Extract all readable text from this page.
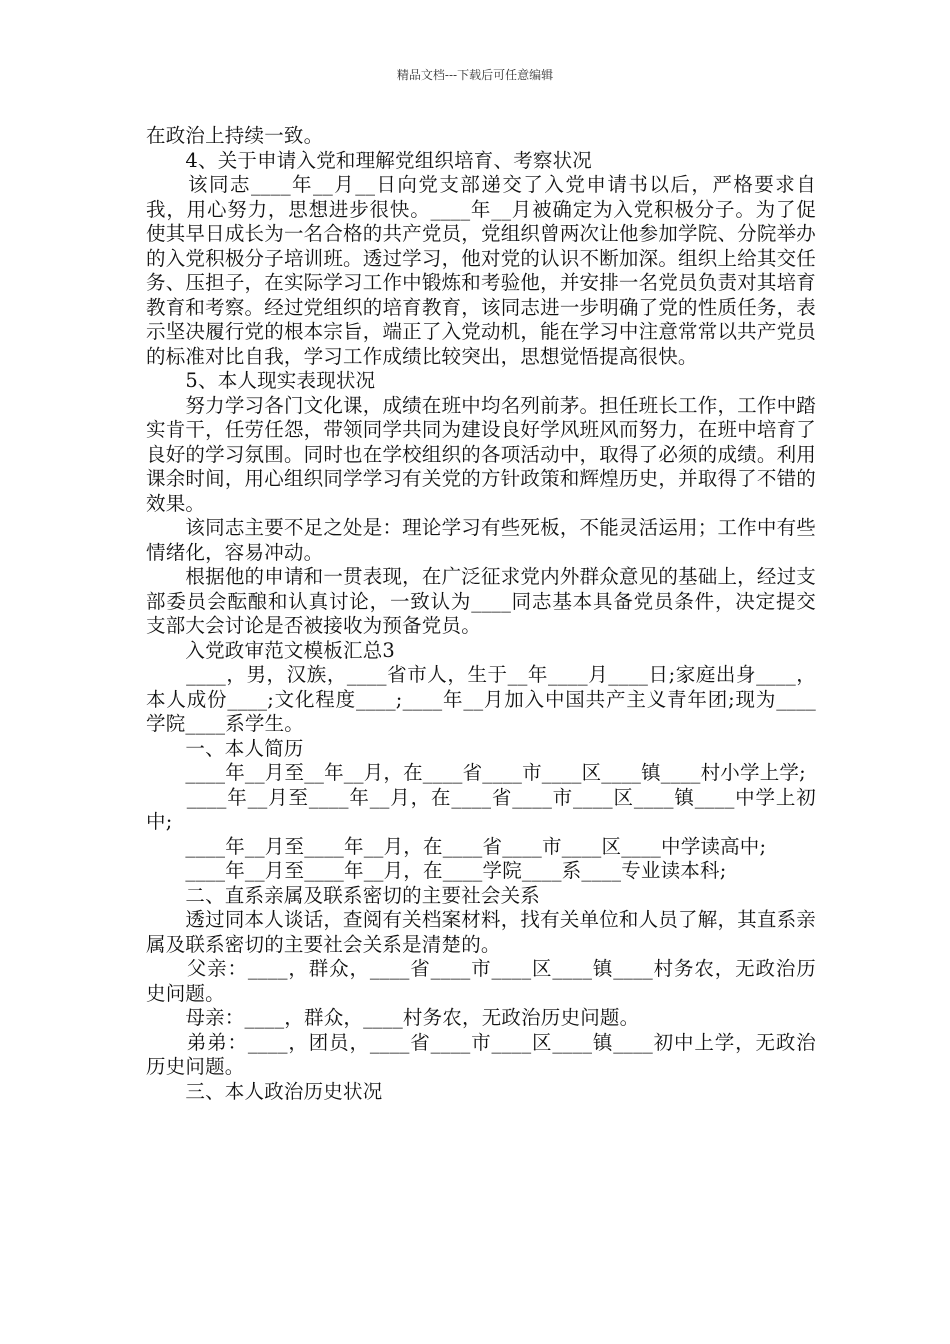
精品文档---下载后可任意编辑

在政治上持续一致。

　　4、关于申请入党和理解党组织培育、考察状况

　　该同志____年__月__日向党支部递交了入党申请书以后，严格要求自我，用心努力，思想进步很快。____年__月被确定为入党积极分子。为了促使其早日成长为一名合格的共产党员，党组织曾两次让他参加学院、分院举办的入党积极分子培训班。透过学习，他对党的认识不断加深。组织上给其交任务、压担子，在实际学习工作中锻炼和考验他，并安排一名党员负责对其培育教育和考察。经过党组织的培育教育，该同志进一步明确了党的性质任务，表示坚决履行党的根本宗旨，端正了入党动机，能在学习中注意常常以共产党员的标准对比自我，学习工作成绩比较突出，思想觉悟提高很快。

　　5、本人现实表现状况

　　努力学习各门文化课，成绩在班中均名列前茅。担任班长工作，工作中踏实肯干，任劳任怨，带领同学共同为建设良好学风班风而努力，在班中培育了良好的学习氛围。同时也在学校组织的各项活动中，取得了必须的成绩。利用课余时间，用心组织同学学习有关党的方针政策和辉煌历史，并取得了不错的效果。

　　该同志主要不足之处是：理论学习有些死板，不能灵活运用；工作中有些情绪化，容易冲动。

　　根据他的申请和一贯表现，在广泛征求党内外群众意见的基础上，经过支部委员会酝酿和认真讨论，一致认为____同志基本具备党员条件，决定提交支部大会讨论是否被接收为预备党员。

　　入党政审范文模板汇总3

　　____，男，汉族，____省市人，生于__年____月____日;家庭出身____，本人成份____;文化程度____;____年__月加入中国共产主义青年团;现为____学院____系学生。

　　一、本人简历

　　____年__月至__年__月，在____省____市____区____镇____村小学上学;

　　____年__月至____年__月，在____省____市____区____镇____中学上初中;

　　____年__月至____年__月，在____省____市____区____中学读高中;

　　____年__月至____年__月，在____学院____系____专业读本科;

　　二、直系亲属及联系密切的主要社会关系

　　透过同本人谈话，查阅有关档案材料，找有关单位和人员了解，其直系亲属及联系密切的主要社会关系是清楚的。

　　父亲：____，群众，____省____市____区____镇____村务农，无政治历史问题。

　　母亲：____，群众，____村务农，无政治历史问题。

　　弟弟：____，团员，____省____市____区____镇____初中上学，无政治历史问题。

　　三、本人政治历史状况
